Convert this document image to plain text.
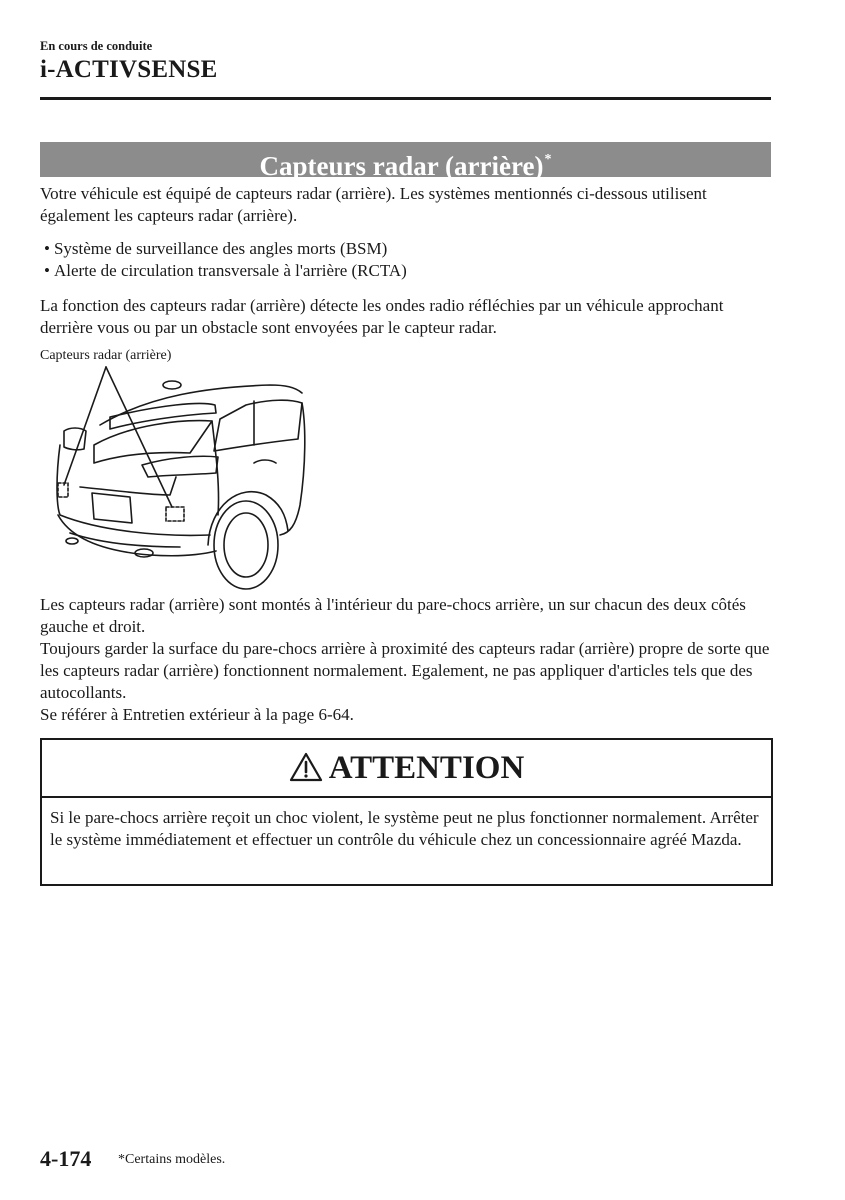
En cours de conduite
i-ACTIVSENSE
Capteurs radar (arrière)*
Votre véhicule est équipé de capteurs radar (arrière). Les systèmes mentionnés ci-dessous utilisent également les capteurs radar (arrière).
• Système de surveillance des angles morts (BSM)
• Alerte de circulation transversale à l'arrière (RCTA)
La fonction des capteurs radar (arrière) détecte les ondes radio réfléchies par un véhicule approchant derrière vous ou par un obstacle sont envoyées par le capteur radar.
Capteurs radar (arrière)
Les capteurs radar (arrière) sont montés à l'intérieur du pare-chocs arrière, un sur chacun des deux côtés gauche et droit.
Toujours garder la surface du pare-chocs arrière à proximité des capteurs radar (arrière) propre de sorte que les capteurs radar (arrière) fonctionnent normalement. Egalement, ne pas appliquer d'articles tels que des autocollants.
Se référer à Entretien extérieur à la page 6-64.
ATTENTION
Si le pare-chocs arrière reçoit un choc violent, le système peut ne plus fonctionner normalement. Arrêter le système immédiatement et effectuer un contrôle du véhicule chez un concessionnaire agréé Mazda.
4-174 *Certains modèles.
